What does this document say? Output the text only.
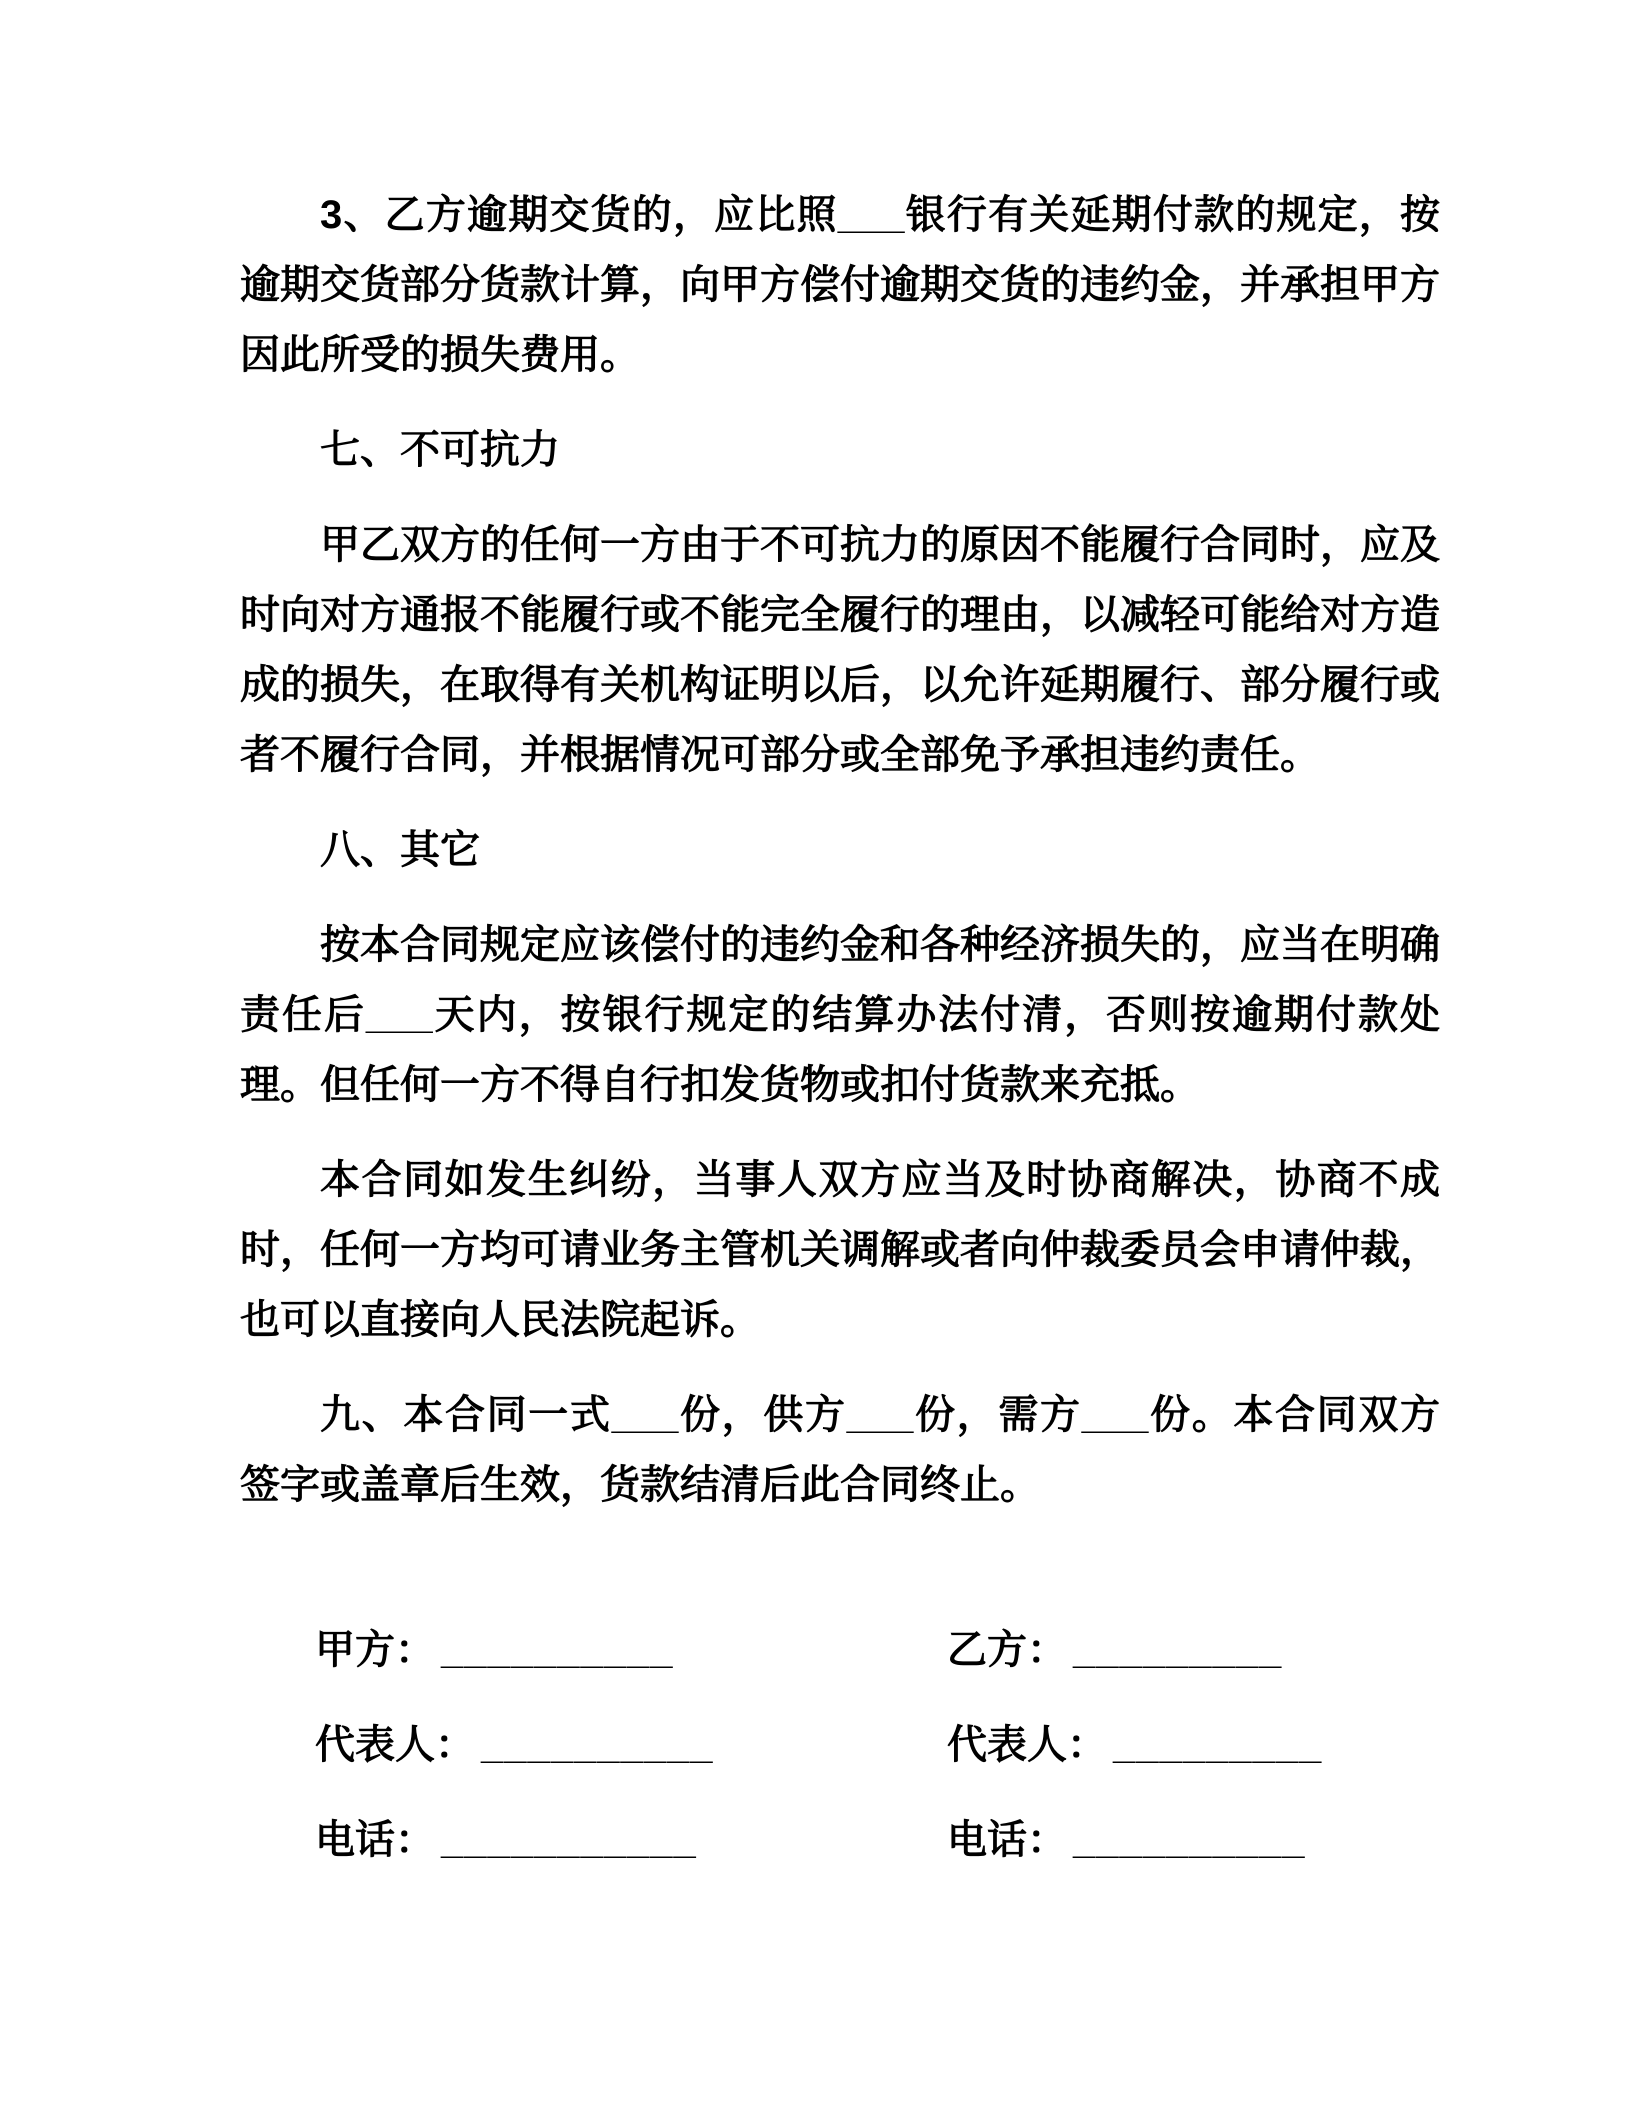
3、乙方逾期交货的，应比照___银行有关延期付款的规定，按逾期交货部分货款计算，向甲方偿付逾期交货的违约金，并承担甲方因此所受的损失费用。

七、不可抗力

甲乙双方的任何一方由于不可抗力的原因不能履行合同时，应及时向对方通报不能履行或不能完全履行的理由，以减轻可能给对方造成的损失，在取得有关机构证明以后，以允许延期履行、部分履行或者不履行合同，并根据情况可部分或全部免予承担违约责任。

八、其它

按本合同规定应该偿付的违约金和各种经济损失的，应当在明确责任后___天内，按银行规定的结算办法付清，否则按逾期付款处理。但任何一方不得自行扣发货物或扣付货款来充抵。

本合同如发生纠纷，当事人双方应当及时协商解决，协商不成时，任何一方均可请业务主管机关调解或者向仲裁委员会申请仲裁，也可以直接向人民法院起诉。

九、本合同一式___份，供方___份，需方___份。本合同双方签字或盖章后生效，货款结清后此合同终止。

甲方： __________	乙方： _________
代表人： __________	代表人： _________
电话： ___________	电话： __________
